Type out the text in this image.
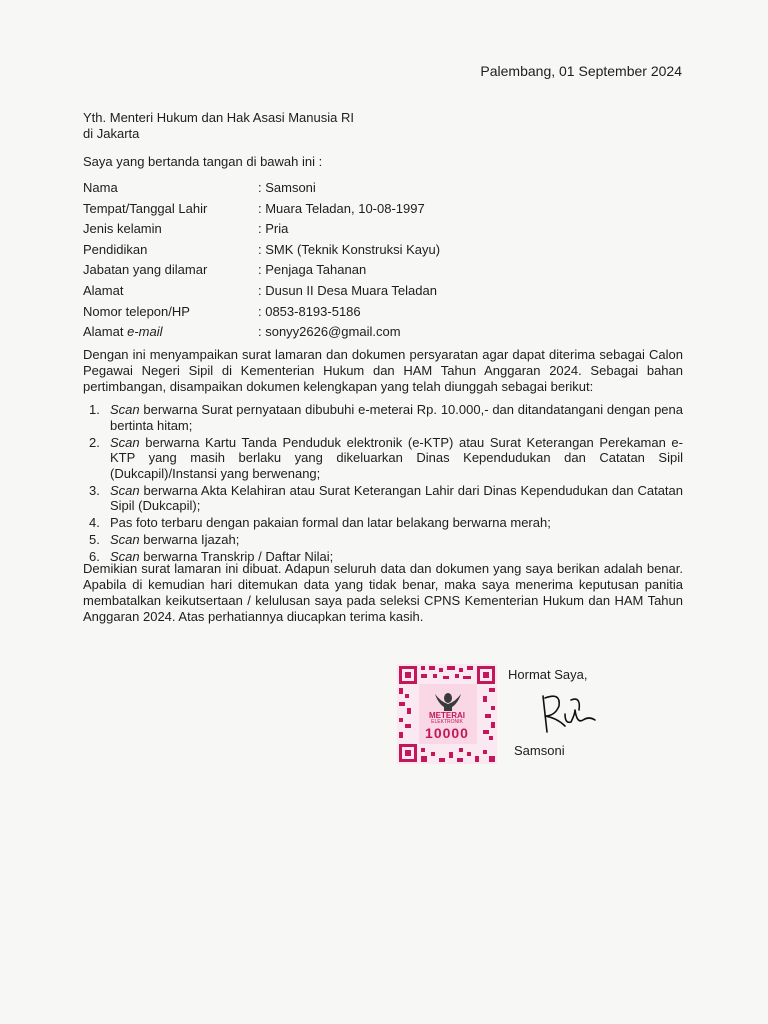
Palembang, 01 September 2024
Yth. Menteri Hukum dan Hak Asasi Manusia RI
di Jakarta
Saya yang bertanda tangan di bawah ini :
Nama	: Samsoni
Tempat/Tanggal Lahir	: Muara Teladan, 10-08-1997
Jenis kelamin	: Pria
Pendidikan	: SMK (Teknik Konstruksi Kayu)
Jabatan yang dilamar	: Penjaga Tahanan
Alamat	: Dusun II Desa Muara Teladan
Nomor telepon/HP	: 0853-8193-5186
Alamat e-mail	: sonyy2626@gmail.com
Dengan ini menyampaikan surat lamaran dan dokumen persyaratan agar dapat diterima sebagai Calon Pegawai Negeri Sipil di Kementerian Hukum dan HAM Tahun Anggaran 2024. Sebagai bahan pertimbangan, disampaikan dokumen kelengkapan yang telah diunggah sebagai berikut:
1. Scan berwarna Surat pernyataan dibubuhi e-meterai Rp. 10.000,- dan ditandatangani dengan pena bertinta hitam;
2. Scan berwarna Kartu Tanda Penduduk elektronik (e-KTP) atau Surat Keterangan Perekaman e-KTP yang masih berlaku yang dikeluarkan Dinas Kependudukan dan Catatan Sipil (Dukcapil)/Instansi yang berwenang;
3. Scan berwarna Akta Kelahiran atau Surat Keterangan Lahir dari Dinas Kependudukan dan Catatan Sipil (Dukcapil);
4. Pas foto terbaru dengan pakaian formal dan latar belakang berwarna merah;
5. Scan berwarna Ijazah;
6. Scan berwarna Transkrip / Daftar Nilai;
Demikian surat lamaran ini dibuat. Adapun seluruh data dan dokumen yang saya berikan adalah benar. Apabila di kemudian hari ditemukan data yang tidak benar, maka saya menerima keputusan panitia membatalkan keikutsertaan / kelulusan saya pada seleksi CPNS Kementerian Hukum dan HAM Tahun Anggaran 2024. Atas perhatiannya diucapkan terima kasih.
METERAI
ELEKTRONIK
10000
Hormat Saya,
Samsoni
